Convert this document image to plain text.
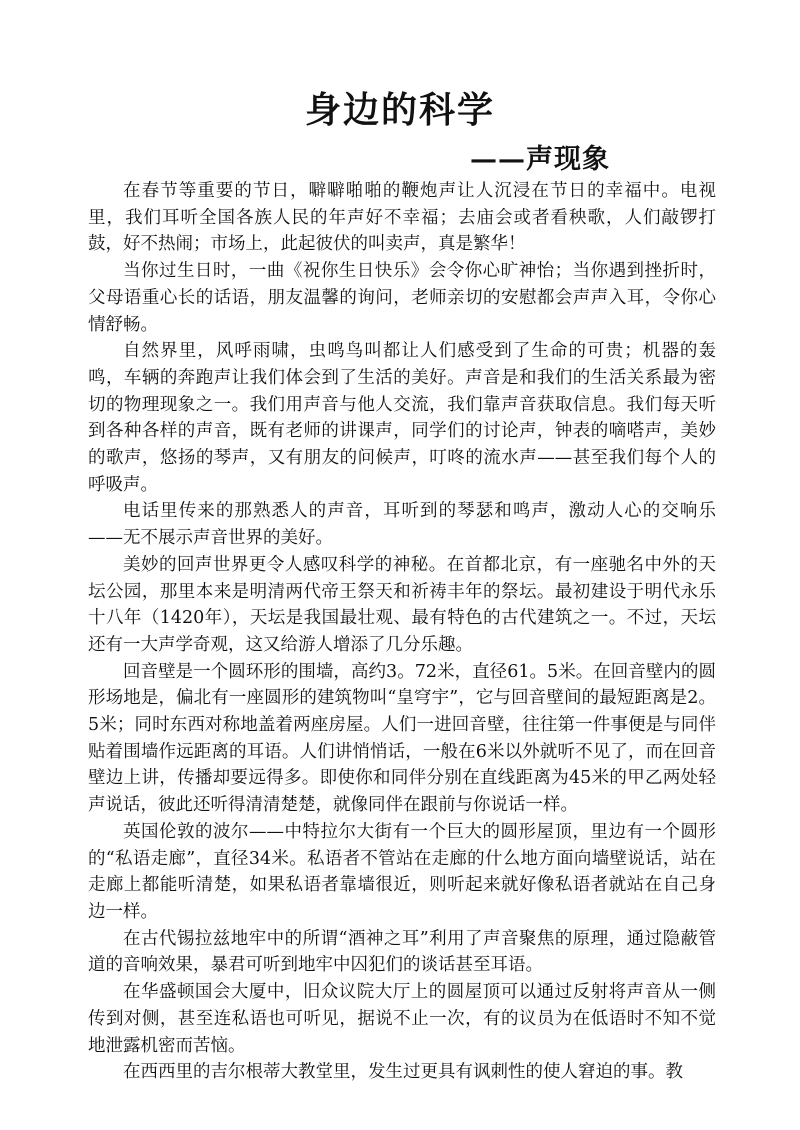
身边的科学
——声现象

在春节等重要的节日，噼噼啪啪的鞭炮声让人沉浸在节日的幸福中。电视里，我们耳听全国各族人民的年声好不幸福；去庙会或者看秧歌，人们敲锣打鼓，好不热闹；市场上，此起彼伏的叫卖声，真是繁华！

当你过生日时，一曲《祝你生日快乐》会令你心旷神怡；当你遇到挫折时，父母语重心长的话语，朋友温馨的询问，老师亲切的安慰都会声声入耳，令你心情舒畅。

自然界里，风呼雨啸，虫鸣鸟叫都让人们感受到了生命的可贵；机器的轰鸣，车辆的奔跑声让我们体会到了生活的美好。声音是和我们的生活关系最为密切的物理现象之一。我们用声音与他人交流，我们靠声音获取信息。我们每天听到各种各样的声音，既有老师的讲课声，同学们的讨论声，钟表的嘀嗒声，美妙的歌声，悠扬的琴声，又有朋友的问候声，叮咚的流水声——甚至我们每个人的呼吸声。

电话里传来的那熟悉人的声音，耳听到的琴瑟和鸣声，激动人心的交响乐——无不展示声音世界的美好。

美妙的回声世界更令人感叹科学的神秘。在首都北京，有一座驰名中外的天坛公园，那里本来是明清两代帝王祭天和祈祷丰年的祭坛。最初建设于明代永乐十八年（1420年），天坛是我国最壮观、最有特色的古代建筑之一。不过，天坛还有一大声学奇观，这又给游人增添了几分乐趣。

回音壁是一个圆环形的围墙，高约3。72米，直径61。5米。在回音壁内的圆形场地是，偏北有一座圆形的建筑物叫“皇穹宇”，它与回音壁间的最短距离是2。5米；同时东西对称地盖着两座房屋。人们一进回音壁，往往第一件事便是与同伴贴着围墙作远距离的耳语。人们讲悄悄话，一般在6米以外就听不见了，而在回音壁边上讲，传播却要远得多。即使你和同伴分别在直线距离为45米的甲乙两处轻声说话，彼此还听得清清楚楚，就像同伴在跟前与你说话一样。

英国伦敦的波尔——中特拉尔大街有一个巨大的圆形屋顶，里边有一个圆形的“私语走廊”，直径34米。私语者不管站在走廊的什么地方面向墙壁说话，站在走廊上都能听清楚，如果私语者靠墙很近，则听起来就好像私语者就站在自己身边一样。

在古代锡拉兹地牢中的所谓“酒神之耳”利用了声音聚焦的原理，通过隐蔽管道的音响效果，暴君可听到地牢中囚犯们的谈话甚至耳语。

在华盛顿国会大厦中，旧众议院大厅上的圆屋顶可以通过反射将声音从一侧传到对侧，甚至连私语也可听见，据说不止一次，有的议员为在低语时不知不觉地泄露机密而苦恼。

在西西里的吉尔根蒂大教堂里，发生过更具有讽刺性的使人窘迫的事。教
